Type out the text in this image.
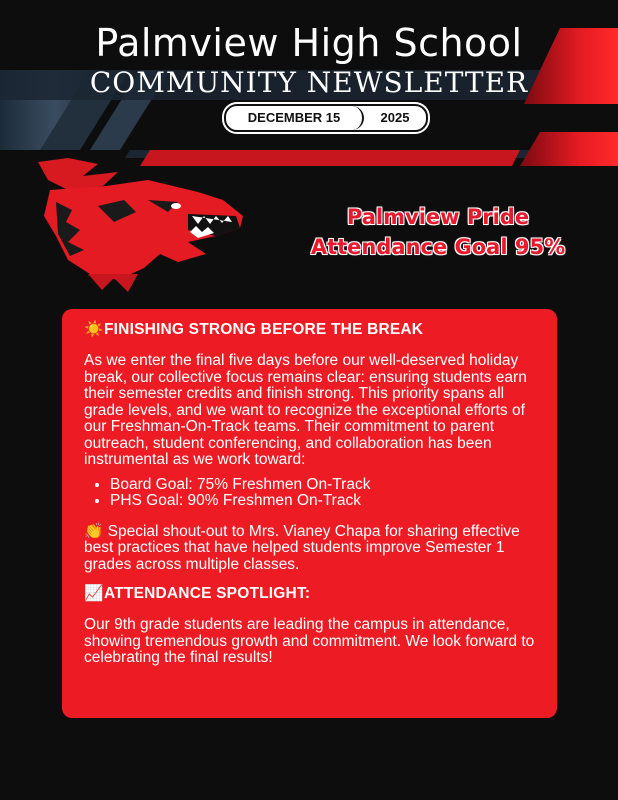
Palmview High School
COMMUNITY NEWSLETTER
DECEMBER 15	2025
Palmview Pride
Attendance Goal 95%
☀️FINISHING STRONG BEFORE THE BREAK

As we enter the final five days before our well-deserved holiday break, our collective focus remains clear: ensuring students earn their semester credits and finish strong. This priority spans all grade levels, and we want to recognize the exceptional efforts of our Freshman-On-Track teams. Their commitment to parent outreach, student conferencing, and collaboration has been instrumental as we work toward:

• Board Goal: 75% Freshmen On-Track
• PHS Goal: 90% Freshmen On-Track

👏 Special shout-out to Mrs. Vianey Chapa for sharing effective best practices that have helped students improve Semester 1 grades across multiple classes.

📈ATTENDANCE SPOTLIGHT:

Our 9th grade students are leading the campus in attendance, showing tremendous growth and commitment. We look forward to celebrating the final results!
